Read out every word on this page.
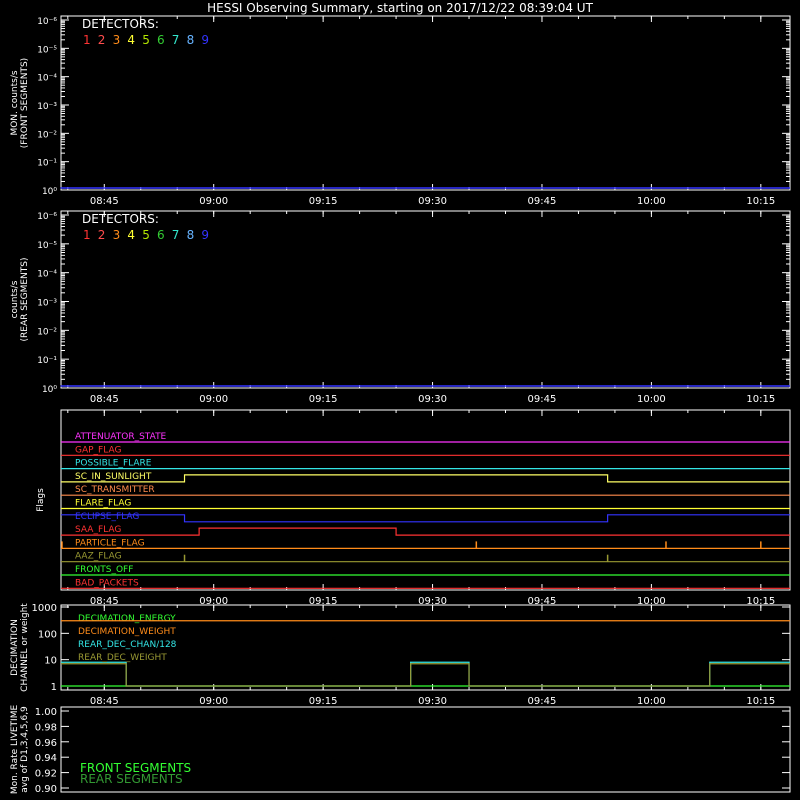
HESSI Observing Summary, starting on 2017/12/22 08:39:04 UT
10⁰
10⁻¹
10⁻²
10⁻³
10⁻⁴
10⁻⁵
10⁻⁶
08:45	09:00	09:15	09:30	09:45	10:00	10:15
MON. counts/s (FRONT SEGMENTS)
DETECTORS:
1 2 3 4 5 6 7 8 9
10⁰
10⁻¹
10⁻²
10⁻³
10⁻⁴
10⁻⁵
10⁻⁶
08:45	09:00	09:15	09:30	09:45	10:00	10:15
counts/s (REAR SEGMENTS)
DETECTORS:
1 2 3 4 5 6 7 8 9
08:45	09:00	09:15	09:30	09:45	10:00	10:15
Flags
ATTENUATOR_STATE
GAP_FLAG
POSSIBLE_FLARE
SC_IN_SUNLIGHT
SC_TRANSMITTER
FLARE_FLAG
ECLIPSE_FLAG
SAA_FLAG
PARTICLE_FLAG
AAZ_FLAG
FRONTS_OFF
BAD_PACKETS
08:45	09:00	09:15	09:30	09:45	10:00	10:15
DECIMATION CHANNEL or weight 1
10
100
1000
DECIMATION_ENERGY
DECIMATION_WEIGHT
REAR_DEC_CHAN/128
REAR_DEC_WEIGHT
Mon. Rate LIVETIME avg of D1,3,4,5,6,9 0.90
0.92
0.94
0.96
0.98
1.00
FRONT SEGMENTS
REAR SEGMENTS
